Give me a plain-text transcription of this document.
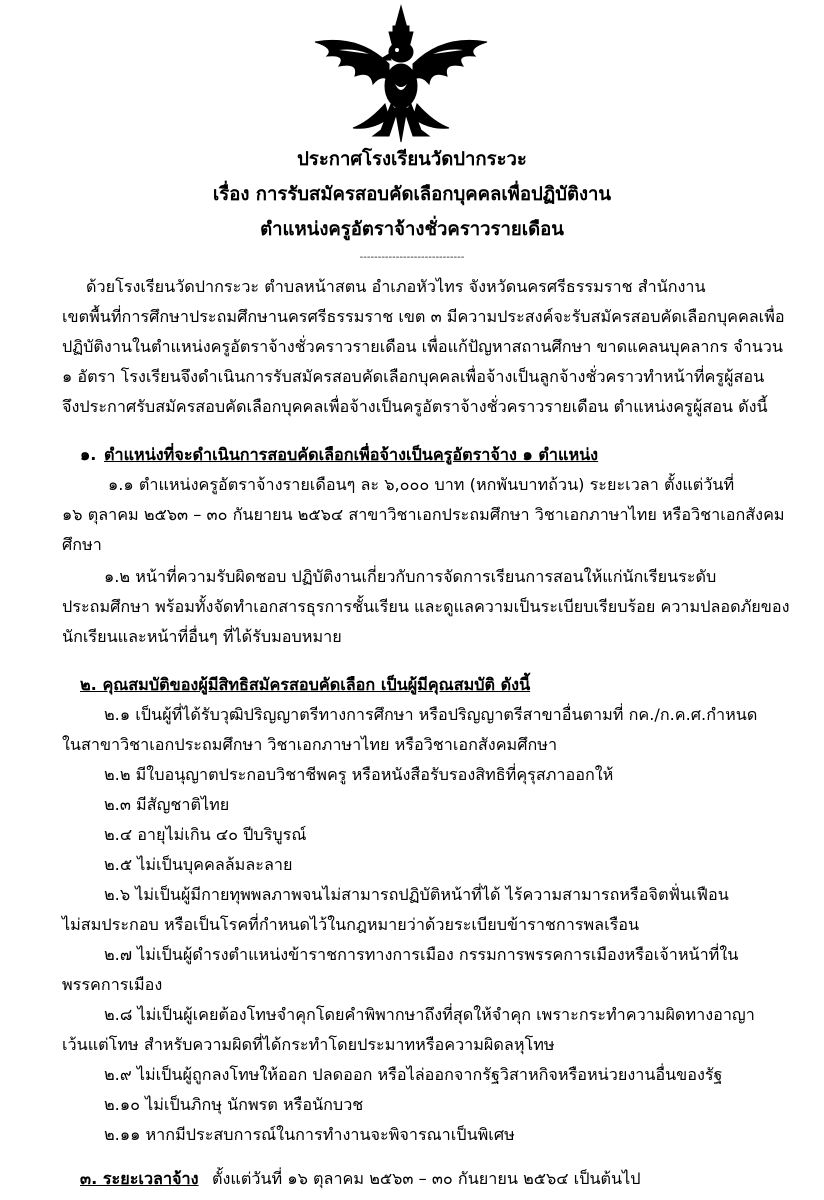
ประกาศโรงเรียนวัดปากระวะ
เรื่อง การรับสมัครสอบคัดเลือกบุคคลเพื่อปฏิบัติงาน
ตำแหน่งครูอัตราจ้างชั่วคราวรายเดือน
-----------------------------
ด้วยโรงเรียนวัดปากระวะ ตำบลหน้าสตน อำเภอหัวไทร จังหวัดนครศรีธรรมราช สำนักงาน
เขตพื้นที่การศึกษาประถมศึกษานครศรีธรรมราช เขต ๓ มีความประสงค์จะรับสมัครสอบคัดเลือกบุคคลเพื่อ
ปฏิบัติงานในตำแหน่งครูอัตราจ้างชั่วคราวรายเดือน เพื่อแก้ปัญหาสถานศึกษา ขาดแคลนบุคลากร จำนวน
๑ อัตรา โรงเรียนจึงดำเนินการรับสมัครสอบคัดเลือกบุคคลเพื่อจ้างเป็นลูกจ้างชั่วคราวทำหน้าที่ครูผู้สอน
จึงประกาศรับสมัครสอบคัดเลือกบุคคลเพื่อจ้างเป็นครูอัตราจ้างชั่วคราวรายเดือน ตำแหน่งครูผู้สอน ดังนี้
๑. ตำแหน่งที่จะดำเนินการสอบคัดเลือกเพื่อจ้างเป็นครูอัตราจ้าง ๑ ตำแหน่ง
๑.๑ ตำแหน่งครูอัตราจ้างรายเดือนๆ ละ ๖,๐๐๐ บาท (หกพันบาทถ้วน) ระยะเวลา ตั้งแต่วันที่
๑๖ ตุลาคม ๒๕๖๓ – ๓๐ กันยายน ๒๕๖๔ สาขาวิชาเอกประถมศึกษา วิชาเอกภาษาไทย หรือวิชาเอกสังคม
ศึกษา
๑.๒ หน้าที่ความรับผิดชอบ ปฏิบัติงานเกี่ยวกับการจัดการเรียนการสอนให้แก่นักเรียนระดับ
ประถมศึกษา พร้อมทั้งจัดทำเอกสารธุรการชั้นเรียน และดูแลความเป็นระเบียบเรียบร้อย ความปลอดภัยของ
นักเรียนและหน้าที่อื่นๆ ที่ได้รับมอบหมาย
๒. คุณสมบัติของผู้มีสิทธิสมัครสอบคัดเลือก เป็นผู้มีคุณสมบัติ ดังนี้
๒.๑ เป็นผู้ที่ได้รับวุฒิปริญญาตรีทางการศึกษา หรือปริญญาตรีสาขาอื่นตามที่ กค./ก.ค.ศ.กำหนด
ในสาขาวิชาเอกประถมศึกษา วิชาเอกภาษาไทย หรือวิชาเอกสังคมศึกษา
๒.๒ มีใบอนุญาตประกอบวิชาชีพครู หรือหนังสือรับรองสิทธิที่คุรุสภาออกให้
๒.๓ มีสัญชาติไทย
๒.๔ อายุไม่เกิน ๔๐ ปีบริบูรณ์
๒.๕ ไม่เป็นบุคคลล้มละลาย
๒.๖ ไม่เป็นผู้มีกายทุพพลภาพจนไม่สามารถปฏิบัติหน้าที่ได้ ไร้ความสามารถหรือจิตฟั่นเฟือน
ไม่สมประกอบ หรือเป็นโรคที่กำหนดไว้ในกฎหมายว่าด้วยระเบียบข้าราชการพลเรือน
๒.๗ ไม่เป็นผู้ดำรงตำแหน่งข้าราชการทางการเมือง กรรมการพรรคการเมืองหรือเจ้าหน้าที่ใน
พรรคการเมือง
๒.๘ ไม่เป็นผู้เคยต้องโทษจำคุกโดยคำพิพากษาถึงที่สุดให้จำคุก เพราะกระทำความผิดทางอาญา
เว้นแต่โทษ สำหรับความผิดที่ได้กระทำโดยประมาทหรือความผิดลหุโทษ
๒.๙ ไม่เป็นผู้ถูกลงโทษให้ออก ปลดออก หรือไล่ออกจากรัฐวิสาหกิจหรือหน่วยงานอื่นของรัฐ
๒.๑๐ ไม่เป็นภิกษุ นักพรต หรือนักบวช
๒.๑๑ หากมีประสบการณ์ในการทำงานจะพิจารณาเป็นพิเศษ
๓. ระยะเวลาจ้าง ตั้งแต่วันที่ ๑๖ ตุลาคม ๒๕๖๓ – ๓๐ กันยายน ๒๕๖๔ เป็นต้นไป
